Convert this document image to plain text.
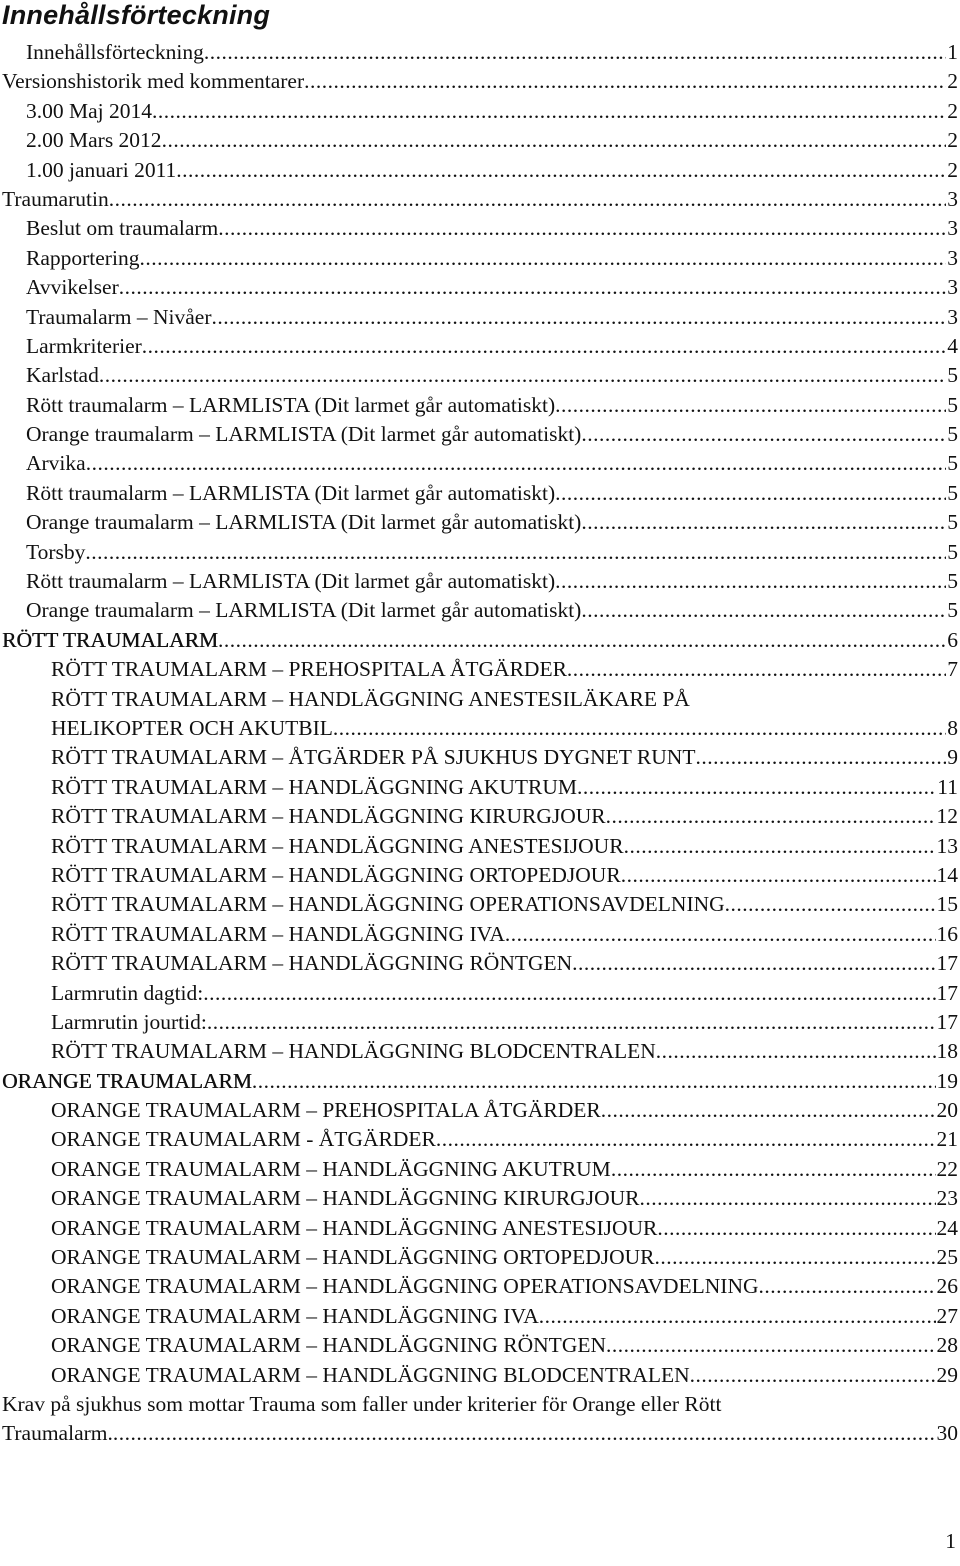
Innehållsförteckning
Innehållsförteckning .....	1
Versionshistorik med kommentarer .....	2
3.00 Maj 2014 .....	2
2.00 Mars 2012 .....	2
1.00 januari 2011 .....	2
Traumarutin .....	3
Beslut om traumalarm .....	3
Rapportering .....	3
Avvikelser .....	3
Traumalarm – Nivåer .....	3
Larmkriterier .....	4
Karlstad .....	5
Rött traumalarm – LARMLISTA (Dit larmet går automatiskt) .....	5
Orange traumalarm – LARMLISTA (Dit larmet går automatiskt) .....	5
Arvika .....	5
Rött traumalarm – LARMLISTA (Dit larmet går automatiskt) .....	5
Orange traumalarm – LARMLISTA (Dit larmet går automatiskt) .....	5
Torsby .....	5
Rött traumalarm – LARMLISTA (Dit larmet går automatiskt) .....	5
Orange traumalarm – LARMLISTA (Dit larmet går automatiskt) .....	5
RÖTT TRAUMALARM .....	6
RÖTT TRAUMALARM – PREHOSPITALA ÅTGÄRDER .....	7
RÖTT TRAUMALARM – HANDLÄGGNING ANESTESILÄKARE PÅ
HELIKOPTER OCH AKUTBIL .....	8
RÖTT TRAUMALARM – ÅTGÄRDER PÅ SJUKHUS DYGNET RUNT .....	9
RÖTT TRAUMALARM – HANDLÄGGNING AKUTRUM .....	11
RÖTT TRAUMALARM – HANDLÄGGNING KIRURGJOUR .....	12
RÖTT TRAUMALARM – HANDLÄGGNING ANESTESIJOUR .....	13
RÖTT TRAUMALARM – HANDLÄGGNING ORTOPEDJOUR .....	14
RÖTT TRAUMALARM – HANDLÄGGNING OPERATIONSAVDELNING .....	15
RÖTT TRAUMALARM – HANDLÄGGNING IVA .....	16
RÖTT TRAUMALARM – HANDLÄGGNING RÖNTGEN .....	17
Larmrutin dagtid: .....	17
Larmrutin jourtid: .....	17
RÖTT TRAUMALARM – HANDLÄGGNING BLODCENTRALEN .....	18
ORANGE TRAUMALARM .....	19
ORANGE TRAUMALARM – PREHOSPITALA ÅTGÄRDER .....	20
ORANGE TRAUMALARM - ÅTGÄRDER .....	21
ORANGE TRAUMALARM – HANDLÄGGNING AKUTRUM .....	22
ORANGE TRAUMALARM – HANDLÄGGNING KIRURGJOUR .....	23
ORANGE TRAUMALARM – HANDLÄGGNING ANESTESIJOUR .....	24
ORANGE TRAUMALARM – HANDLÄGGNING ORTOPEDJOUR .....	25
ORANGE TRAUMALARM – HANDLÄGGNING OPERATIONSAVDELNING .....	26
ORANGE TRAUMALARM – HANDLÄGGNING IVA .....	27
ORANGE TRAUMALARM – HANDLÄGGNING RÖNTGEN .....	28
ORANGE TRAUMALARM – HANDLÄGGNING BLODCENTRALEN .....	29
Krav på sjukhus som mottar Trauma som faller under kriterier för Orange eller Rött
Traumalarm. .....	30
1
